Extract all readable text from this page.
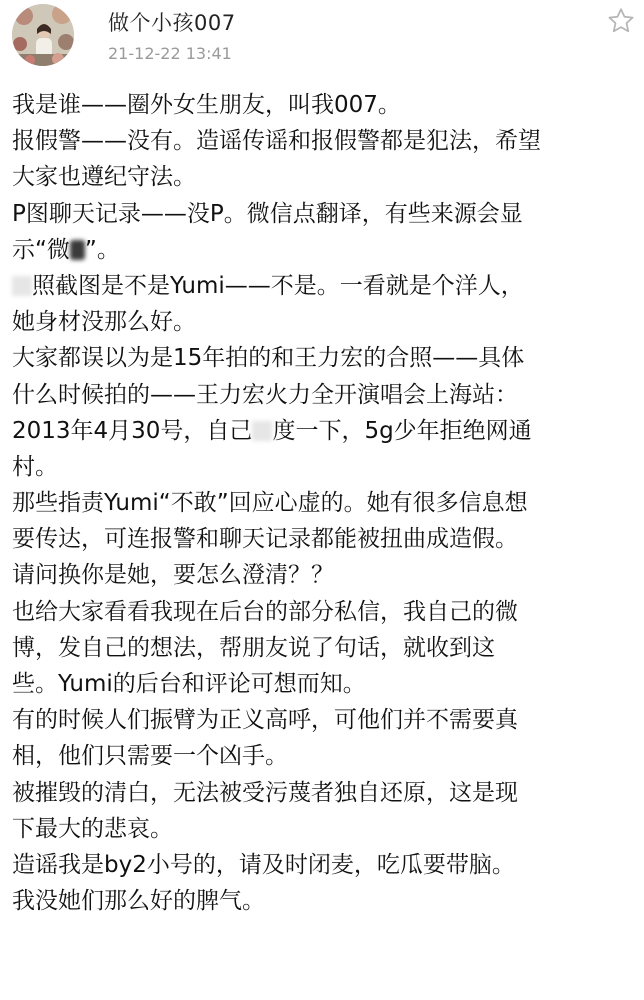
做个小孩007
21-12-22 13:41
我是谁——圈外女生朋友，叫我007。
报假警——没有。造谣传谣和报假警都是犯法，希望
大家也遵纪守法。
P图聊天记录——没P。微信点翻译，有些来源会显
示“微 ”。
照截图是不是Yumi——不是。一看就是个洋人，
她身材没那么好。
大家都误以为是15年拍的和王力宏的合照——具体
什么时候拍的——王力宏火力全开演唱会上海站：
2013年4月30号，自己 度一下，5g少年拒绝网通
村。
那些指责Yumi“不敢”回应心虚的。她有很多信息想
要传达，可连报警和聊天记录都能被扭曲成造假。
请问换你是她，要怎么澄清？？
也给大家看看我现在后台的部分私信，我自己的微
博，发自己的想法，帮朋友说了句话，就收到这
些。Yumi的后台和评论可想而知。
有的时候人们振臂为正义高呼，可他们并不需要真
相，他们只需要一个凶手。
被摧毁的清白，无法被受污蔑者独自还原，这是现
下最大的悲哀。
造谣我是by2小号的，请及时闭麦，吃瓜要带脑。
我没她们那么好的脾气。
